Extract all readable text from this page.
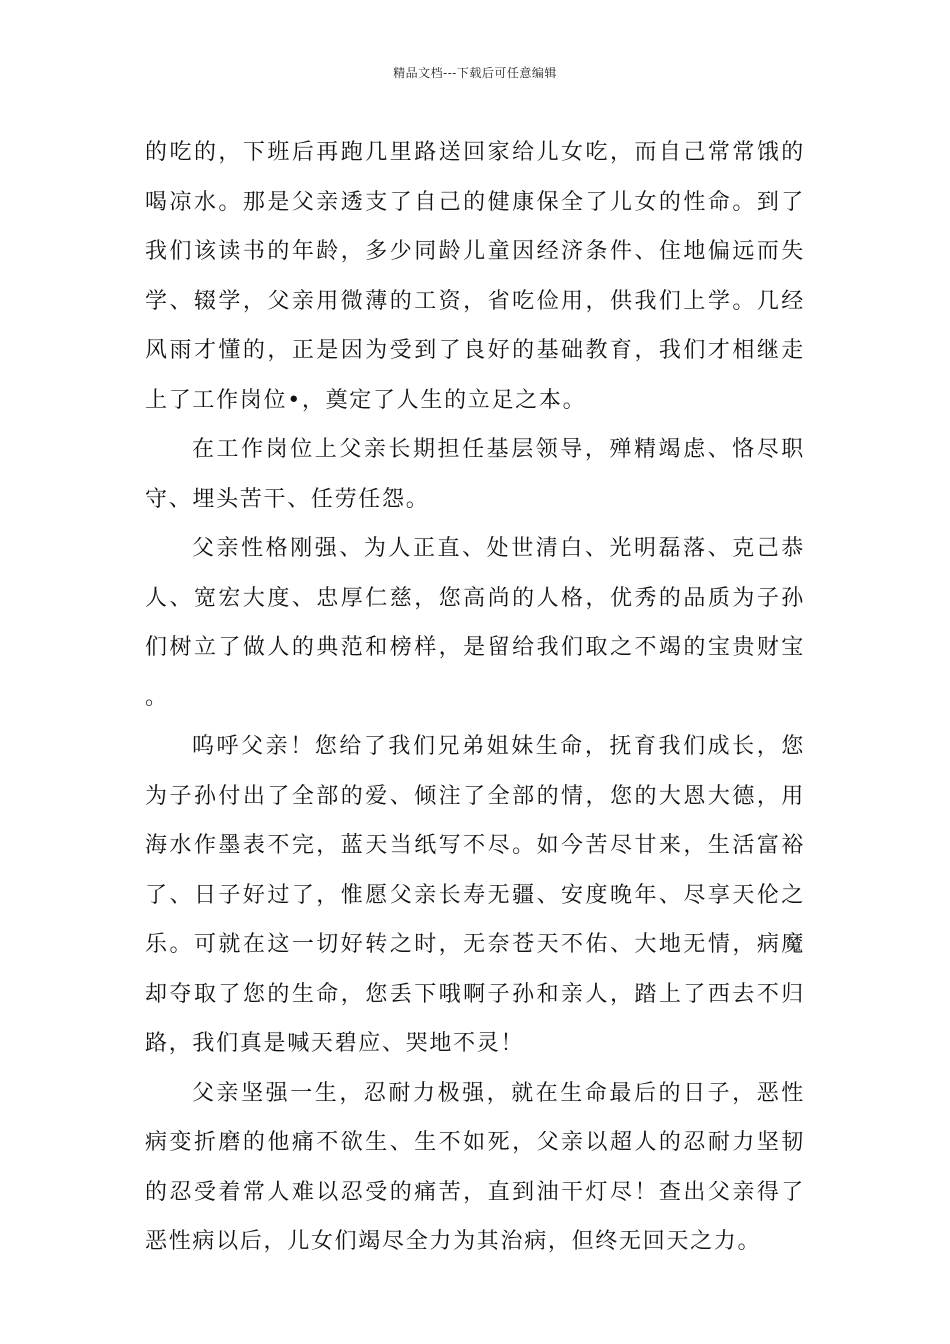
精品文档---下载后可任意编辑

的吃的，下班后再跑几里路送回家给儿女吃，而自己常常饿的喝凉水。那是父亲透支了自己的健康保全了儿女的性命。到了我们该读书的年龄，多少同龄儿童因经济条件、住地偏远而失学、辍学，父亲用微薄的工资，省吃俭用，供我们上学。几经风雨才懂的，正是因为受到了良好的基础教育，我们才相继走上了工作岗位•，奠定了人生的立足之本。

在工作岗位上父亲长期担任基层领导，殚精竭虑、恪尽职守、埋头苦干、任劳任怨。

父亲性格刚强、为人正直、处世清白、光明磊落、克己恭人、宽宏大度、忠厚仁慈，您高尚的人格，优秀的品质为子孙们树立了做人的典范和榜样，是留给我们取之不竭的宝贵财宝。

呜呼父亲！您给了我们兄弟姐妹生命，抚育我们成长，您为子孙付出了全部的爱、倾注了全部的情，您的大恩大德，用海水作墨表不完，蓝天当纸写不尽。如今苦尽甘来，生活富裕了、日子好过了，惟愿父亲长寿无疆、安度晚年、尽享天伦之乐。可就在这一切好转之时，无奈苍天不佑、大地无情，病魔却夺取了您的生命，您丢下哦啊子孙和亲人，踏上了西去不归路，我们真是喊天碧应、哭地不灵！

父亲坚强一生，忍耐力极强，就在生命最后的日子，恶性病变折磨的他痛不欲生、生不如死，父亲以超人的忍耐力坚韧的忍受着常人难以忍受的痛苦，直到油干灯尽！查出父亲得了恶性病以后，儿女们竭尽全力为其治病，但终无回天之力。
